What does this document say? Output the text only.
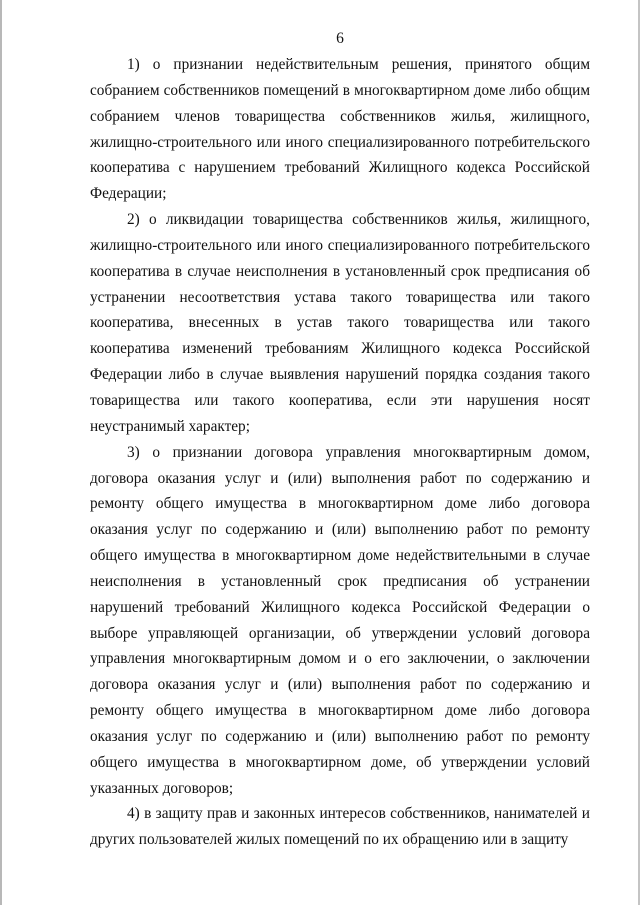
6

1) о признании недействительным решения, принятого общим собранием собственников помещений в многоквартирном доме либо общим собранием членов товарищества собственников жилья, жилищного, жилищно-строительного или иного специализированного потребительского кооператива с нарушением требований Жилищного кодекса Российской Федерации;

2) о ликвидации товарищества собственников жилья, жилищного, жилищно-строительного или иного специализированного потребительского кооператива в случае неисполнения в установленный срок предписания об устранении несоответствия устава такого товарищества или такого кооператива, внесенных в устав такого товарищества или такого кооператива изменений требованиям Жилищного кодекса Российской Федерации либо в случае выявления нарушений порядка создания такого товарищества или такого кооператива, если эти нарушения носят неустранимый характер;

3) о признании договора управления многоквартирным домом, договора оказания услуг и (или) выполнения работ по содержанию и ремонту общего имущества в многоквартирном доме либо договора оказания услуг по содержанию и (или) выполнению работ по ремонту общего имущества в многоквартирном доме недействительными в случае неисполнения в установленный срок предписания об устранении нарушений требований Жилищного кодекса Российской Федерации о выборе управляющей организации, об утверждении условий договора управления многоквартирным домом и о его заключении, о заключении договора оказания услуг и (или) выполнения работ по содержанию и ремонту общего имущества в многоквартирном доме либо договора оказания услуг по содержанию и (или) выполнению работ по ремонту общего имущества в многоквартирном доме, об утверждении условий указанных договоров;

4) в защиту прав и законных интересов собственников, нанимателей и других пользователей жилых помещений по их обращению или в защиту
